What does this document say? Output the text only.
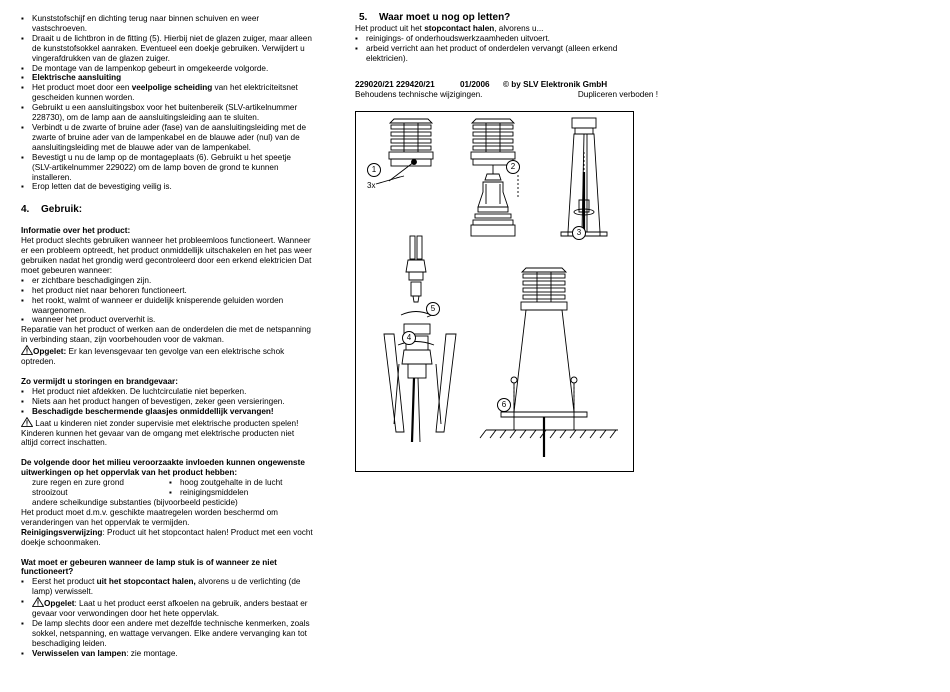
▪ Kunststofschijf en dichting terug naar binnen schuiven en weer vastschroeven.
▪ Draait u de lichtbron in de fitting (5). Hierbij niet de glazen zuiger, maar alleen de kunststofsokkel aanraken. Eventueel een doekje gebruiken. Verwijdert u vingerafdrukken van de glazen zuiger.
▪ De montage van de lampenkop gebeurt in omgekeerde volgorde.
▪ Elektrische aansluiting
▪ Het product moet door een veelpolige scheiding van het elektriciteitsnet gescheiden kunnen worden.
▪ Gebruikt u een aansluitingsbox voor het buitenbereik (SLV-artikelnummer 228730), om de lamp aan de aansluitingsleiding aan te sluiten.
▪ Verbindt u de zwarte of bruine ader (fase) van de aansluitingsleiding met de zwarte of bruine ader van de lampenkabel en de blauwe ader (nul) van de aansluitingsleiding met de blauwe ader van de lampenkabel.
▪ Bevestigt u nu de lamp op de montageplaats (6). Gebruikt u het speetje (SLV-artikelnummer 229022) om de lamp boven de grond te kunnen installeren.
▪ Erop letten dat de bevestiging veilig is.
4. Gebruik:
Informatie over het product:
Het product slechts gebruiken wanneer het probleemloos functioneert. Wanneer er een probleem optreedt, het product onmiddellijk uitschakelen en het pas weer gebruiken nadat het grondig werd gecontroleerd door een erkend elektricien Dat moet gebeuren wanneer:
▪ er zichtbare beschadigingen zijn.
▪ het product niet naar behoren functioneert.
▪ het rookt, walmt of wanneer er duidelijk knisperende geluiden worden waargenomen.
▪ wanneer het product oververhit is.
Reparatie van het product of werken aan de onderdelen die met de netspanning in verbinding staan, zijn voorbehouden voor de vakman.
Opgelet: Er kan levensgevaar ten gevolge van een elektrische schok optreden.
Zo vermijdt u storingen en brandgevaar:
▪ Het product niet afdekken. De luchtcirculatie niet beperken.
▪ Niets aan het product hangen of bevestigen, zeker geen versieringen.
▪ Beschadigde beschermende glaasjes onmiddellijk vervangen!
Laat u kinderen niet zonder supervisie met elektrische producten spelen! Kinderen kunnen het gevaar van de omgang met elektrische producten niet altijd correct inschatten.
De volgende door het milieu veroorzaakte invloeden kunnen ongewenste uitwerkingen op het oppervlak van het product hebben:
zure regen en zure grond	▪ hoog zoutgehalte in de lucht
strooizout	▪ reinigingsmiddelen
andere scheikundige substanties (bijvoorbeeld pesticide)
Het product moet d.m.v. geschikte maatregelen worden beschermd om veranderingen van het oppervlak te vermijden.
Reinigingsverwijzing: Product uit het stopcontact halen! Product met een vocht doekje schoonmaken.
Wat moet er gebeuren wanneer de lamp stuk is of wanneer ze niet functioneert?
▪ Eerst het product uit het stopcontact halen, alvorens u de verlichting (de lamp) verwisselt.
▪ Opgelet: Laat u het product eerst afkoelen na gebruik, anders bestaat er gevaar voor verwondingen door het hete oppervlak.
▪ De lamp slechts door een andere met dezelfde technische kenmerken, zoals sokkel, netspanning, en wattage vervangen. Elke andere vervanging kan tot beschadiging leiden.
▪ Verwisselen van lampen: zie montage.
5. Waar moet u nog op letten?
Het product uit het stopcontact halen, alvorens u...
▪ reinigings- of onderhoudswerkzaamheden uitvoert.
▪ arbeid verricht aan het product of onderdelen vervangt (alleen erkend elektricien).
229020/21 229420/21	01/2006 © by SLV Elektronik GmbH
Behoudens technische wijzigingen.	Dupliceren verboden !
1
3x
2
3
4
5
6
